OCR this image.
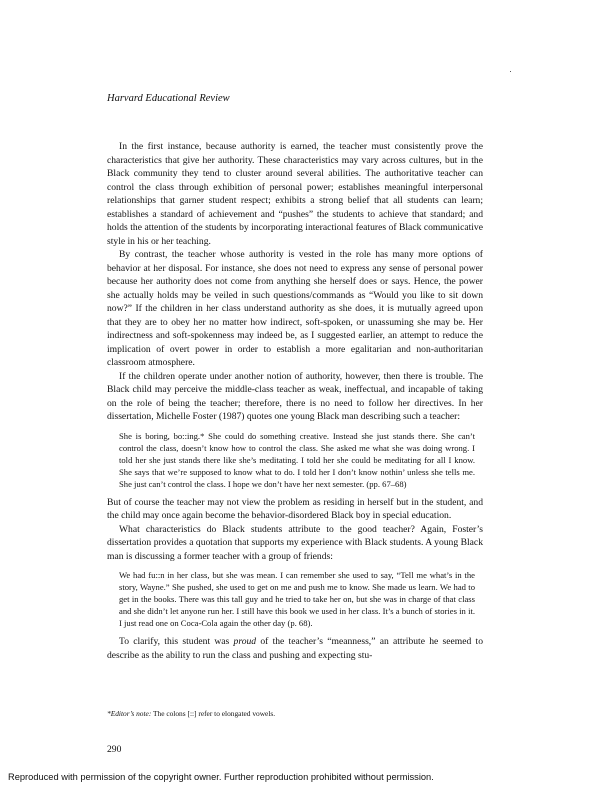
Harvard Educational Review

In the first instance, because authority is earned, the teacher must consistently prove the characteristics that give her authority. These characteristics may vary across cultures, but in the Black community they tend to cluster around several abilities. The authoritative teacher can control the class through exhibition of personal power; establishes meaningful interpersonal relationships that garner student respect; exhibits a strong belief that all students can learn; establishes a standard of achievement and “pushes” the students to achieve that standard; and holds the attention of the students by incorporating interactional features of Black communicative style in his or her teaching.

By contrast, the teacher whose authority is vested in the role has many more options of behavior at her disposal. For instance, she does not need to express any sense of personal power because her authority does not come from anything she herself does or says. Hence, the power she actually holds may be veiled in such questions/commands as “Would you like to sit down now?” If the children in her class understand authority as she does, it is mutually agreed upon that they are to obey her no matter how indirect, soft-spoken, or unassuming she may be. Her indirectness and soft-spokenness may indeed be, as I suggested earlier, an attempt to reduce the implication of overt power in order to establish a more egalitarian and non-authoritarian classroom atmosphere.

If the children operate under another notion of authority, however, then there is trouble. The Black child may perceive the middle-class teacher as weak, ineffectual, and incapable of taking on the role of being the teacher; therefore, there is no need to follow her directives. In her dissertation, Michelle Foster (1987) quotes one young Black man describing such a teacher:

She is boring, bo::ing.* She could do something creative. Instead she just stands there. She can’t control the class, doesn’t know how to control the class. She asked me what she was doing wrong. I told her she just stands there like she’s meditating. I told her she could be meditating for all I know. She says that we’re supposed to know what to do. I told her I don’t know nothin’ unless she tells me. She just can’t control the class. I hope we don’t have her next semester. (pp. 67–68)

But of course the teacher may not view the problem as residing in herself but in the student, and the child may once again become the behavior-disordered Black boy in special education.

What characteristics do Black students attribute to the good teacher? Again, Foster’s dissertation provides a quotation that supports my experience with Black students. A young Black man is discussing a former teacher with a group of friends:

We had fu::n in her class, but she was mean. I can remember she used to say, “Tell me what’s in the story, Wayne.” She pushed, she used to get on me and push me to know. She made us learn. We had to get in the books. There was this tall guy and he tried to take her on, but she was in charge of that class and she didn’t let anyone run her. I still have this book we used in her class. It’s a bunch of stories in it. I just read one on Coca-Cola again the other day (p. 68).

To clarify, this student was proud of the teacher’s “meanness,” an attribute he seemed to describe as the ability to run the class and pushing and expecting stu-

*Editor’s note: The colons [::] refer to elongated vowels.
290
Reproduced with permission of the copyright owner. Further reproduction prohibited without permission.
